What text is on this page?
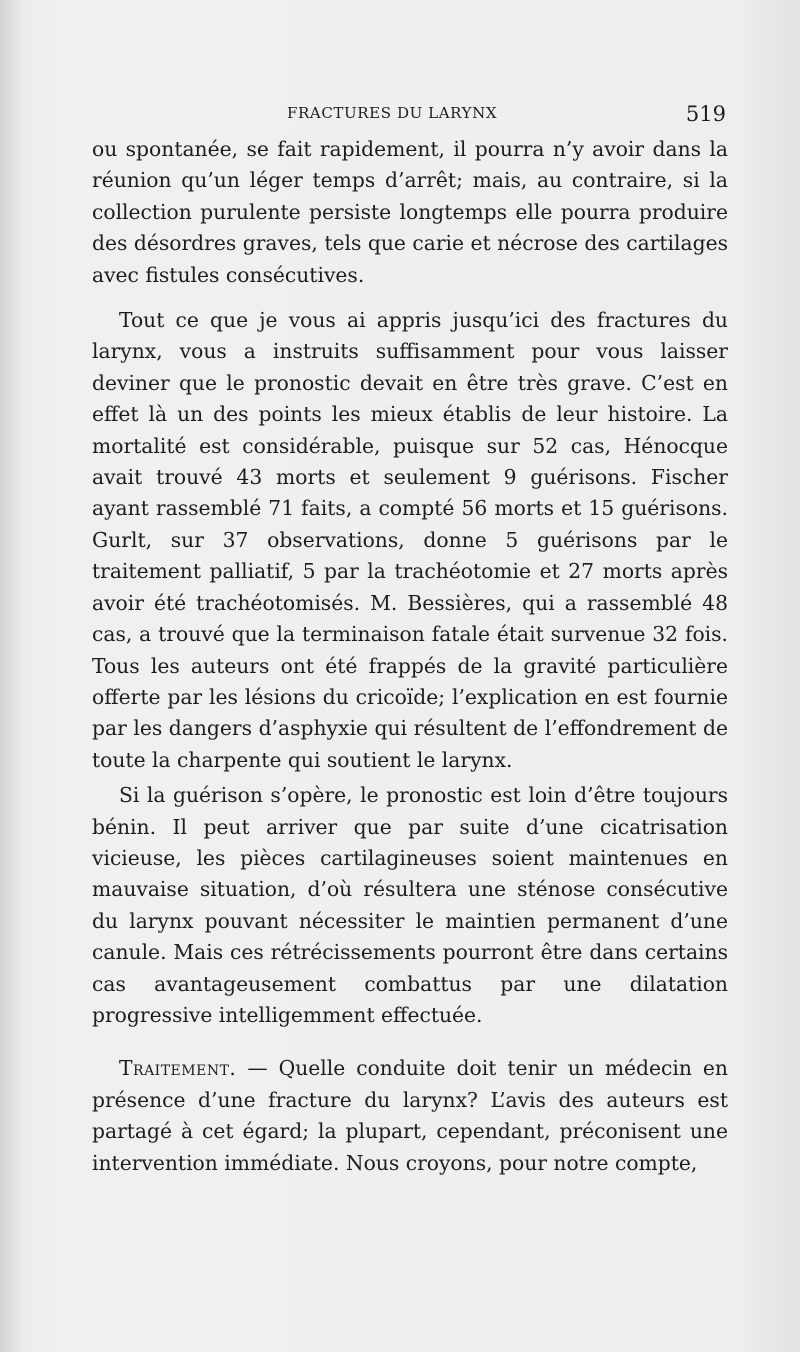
FRACTURES DU LARYNX	519

ou spontanée, se fait rapidement, il pourra n’y avoir dans la réunion qu’un léger temps d’arrêt; mais, au contraire, si la collection purulente persiste longtemps elle pourra produire des désordres graves, tels que carie et nécrose des cartilages avec fistules consécutives.

Tout ce que je vous ai appris jusqu’ici des fractures du larynx, vous a instruits suffisamment pour vous laisser deviner que le pronostic devait en être très grave. C’est en effet là un des points les mieux établis de leur histoire. La mortalité est considérable, puisque sur 52 cas, Hénocque avait trouvé 43 morts et seulement 9 guérisons. Fischer ayant rassemblé 71 faits, a compté 56 morts et 15 guérisons. Gurlt, sur 37 observations, donne 5 guérisons par le traitement palliatif, 5 par la trachéotomie et 27 morts après avoir été trachéotomisés. M. Bessières, qui a rassemblé 48 cas, a trouvé que la terminaison fatale était survenue 32 fois. Tous les auteurs ont été frappés de la gravité particulière offerte par les lésions du cricoïde; l’explication en est fournie par les dangers d’asphyxie qui résultent de l’effondrement de toute la charpente qui soutient le larynx.

Si la guérison s’opère, le pronostic est loin d’être toujours bénin. Il peut arriver que par suite d’une cicatrisation vicieuse, les pièces cartilagineuses soient maintenues en mauvaise situation, d’où résultera une sténose consécutive du larynx pouvant nécessiter le maintien permanent d’une canule. Mais ces rétrécissements pourront être dans certains cas avantageusement combattus par une dilatation progressive intelligemment effectuée.

Traitement. — Quelle conduite doit tenir un médecin en présence d’une fracture du larynx? L’avis des auteurs est partagé à cet égard; la plupart, cependant, préconisent une intervention immédiate. Nous croyons, pour notre compte,
